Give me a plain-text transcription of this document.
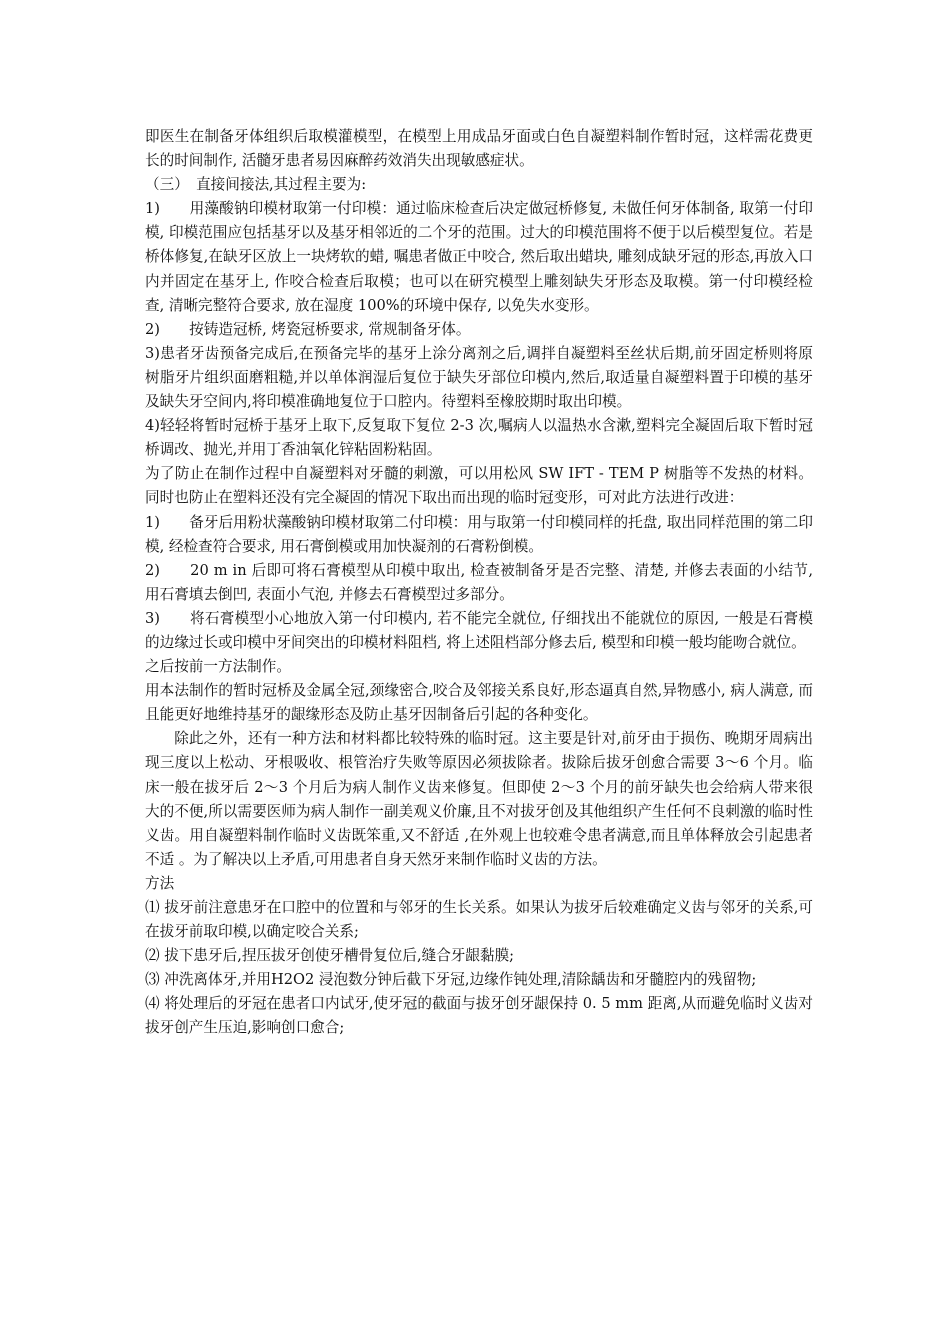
即医生在制备牙体组织后取模灌模型，在模型上用成品牙面或白色自凝塑料制作暂时冠，这样需花费更长的时间制作, 活髓牙患者易因麻醉药效消失出现敏感症状。

（三）　直接间接法,其过程主要为:

1)　　用藻酸钠印模材取第一付印模：通过临床检查后决定做冠桥修复, 未做任何牙体制备, 取第一付印模, 印模范围应包括基牙以及基牙相邻近的二个牙的范围。过大的印模范围将不便于以后模型复位。若是桥体修复,在缺牙区放上一块烤软的蜡, 嘱患者做正中咬合, 然后取出蜡块, 雕刻成缺牙冠的形态,再放入口内并固定在基牙上, 作咬合检查后取模；也可以在研究模型上雕刻缺失牙形态及取模。第一付印模经检查, 清晰完整符合要求, 放在湿度 100%的环境中保存, 以免失水变形。

2)　　按铸造冠桥, 烤瓷冠桥要求, 常规制备牙体。

3)患者牙齿预备完成后,在预备完毕的基牙上涂分离剂之后,调拌自凝塑料至丝状后期,前牙固定桥则将原树脂牙片组织面磨粗糙,并以单体润湿后复位于缺失牙部位印模内,然后,取适量自凝塑料置于印模的基牙及缺失牙空间内,将印模准确地复位于口腔内。待塑料至橡胶期时取出印模。

4)轻轻将暂时冠桥于基牙上取下,反复取下复位 2-3 次,嘱病人以温热水含漱,塑料完全凝固后取下暂时冠桥调改、抛光,并用丁香油氧化锌粘固粉粘固。

为了防止在制作过程中自凝塑料对牙髓的刺激，可以用松风 SW IFT - TEM P 树脂等不发热的材料。同时也防止在塑料还没有完全凝固的情况下取出而出现的临时冠变形，可对此方法进行改进：

1)　　备牙后用粉状藻酸钠印模材取第二付印模：用与取第一付印模同样的托盘, 取出同样范围的第二印模, 经检查符合要求, 用石膏倒模或用加快凝剂的石膏粉倒模。

2)　　20 m in 后即可将石膏模型从印模中取出, 检查被制备牙是否完整、清楚, 并修去表面的小结节, 用石膏填去倒凹, 表面小气泡, 并修去石膏模型过多部分。

3)　　将石膏模型小心地放入第一付印模内, 若不能完全就位, 仔细找出不能就位的原因, 一般是石膏模的边缘过长或印模中牙间突出的印模材料阻档, 将上述阻档部分修去后, 模型和印模一般均能吻合就位。

之后按前一方法制作。

用本法制作的暂时冠桥及金属全冠,颈缘密合,咬合及邻接关系良好,形态逼真自然,异物感小, 病人满意, 而且能更好地维持基牙的龈缘形态及防止基牙因制备后引起的各种变化。

除此之外，还有一种方法和材料都比较特殊的临时冠。这主要是针对,前牙由于损伤、晚期牙周病出现三度以上松动、牙根吸收、根管治疗失败等原因必须拔除者。拔除后拔牙创愈合需要 3～6 个月。临床一般在拔牙后 2～3 个月后为病人制作义齿来修复。但即使 2～3 个月的前牙缺失也会给病人带来很大的不便,所以需要医师为病人制作一副美观义价廉,且不对拔牙创及其他组织产生任何不良刺激的临时性义齿。用自凝塑料制作临时义齿既笨重,又不舒适 ,在外观上也较难令患者满意,而且单体释放会引起患者不适 。为了解决以上矛盾,可用患者自身天然牙来制作临时义齿的方法。

方法

⑴ 拔牙前注意患牙在口腔中的位置和与邻牙的生长关系。如果认为拔牙后较难确定义齿与邻牙的关系,可在拔牙前取印模,以确定咬合关系;

⑵ 拔下患牙后,捏压拔牙创使牙槽骨复位后,缝合牙龈黏膜;

⑶ 冲洗离体牙,并用H2O2 浸泡数分钟后截下牙冠,边缘作钝处理,清除龋齿和牙髓腔内的残留物;

⑷ 将处理后的牙冠在患者口内试牙,使牙冠的截面与拔牙创牙龈保持 0. 5 mm 距离,从而避免临时义齿对拔牙创产生压迫,影响创口愈合;
